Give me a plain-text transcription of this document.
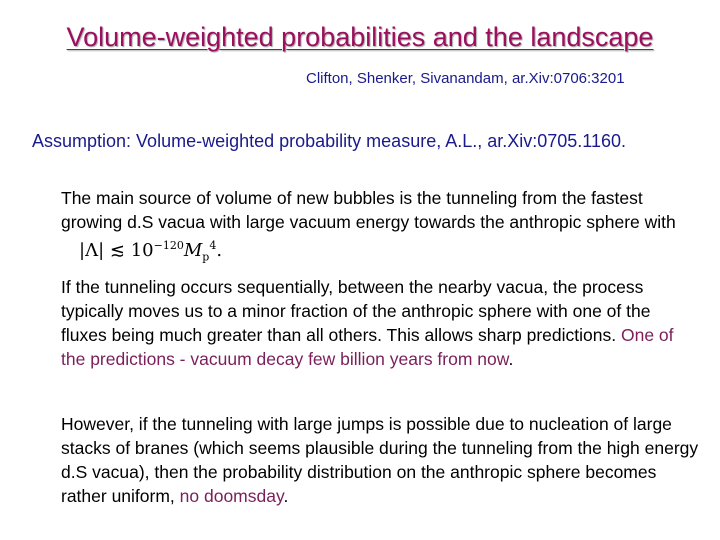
Volume-weighted probabilities and the landscape
Clifton, Shenker, Sivanandam, ar.Xiv:0706:3201
Assumption: Volume-weighted probability measure, A.L., ar.Xiv:0705.1160.
The main source of volume of new bubbles is the tunneling from the fastest growing d.S vacua with large vacuum energy towards the anthropic sphere with |Λ| ≲ $10^{-120}M_p^4$.
If the tunneling occurs sequentially, between the nearby vacua, the process typically moves us to a minor fraction of the anthropic sphere with one of the fluxes being much greater than all others. This allows sharp predictions. One of the predictions - vacuum decay few billion years from now.
However, if the tunneling with large jumps is possible due to nucleation of large stacks of branes (which seems plausible during the tunneling from the high energy d.S vacua), then the probability distribution on the anthropic sphere becomes rather uniform, no doomsday.
